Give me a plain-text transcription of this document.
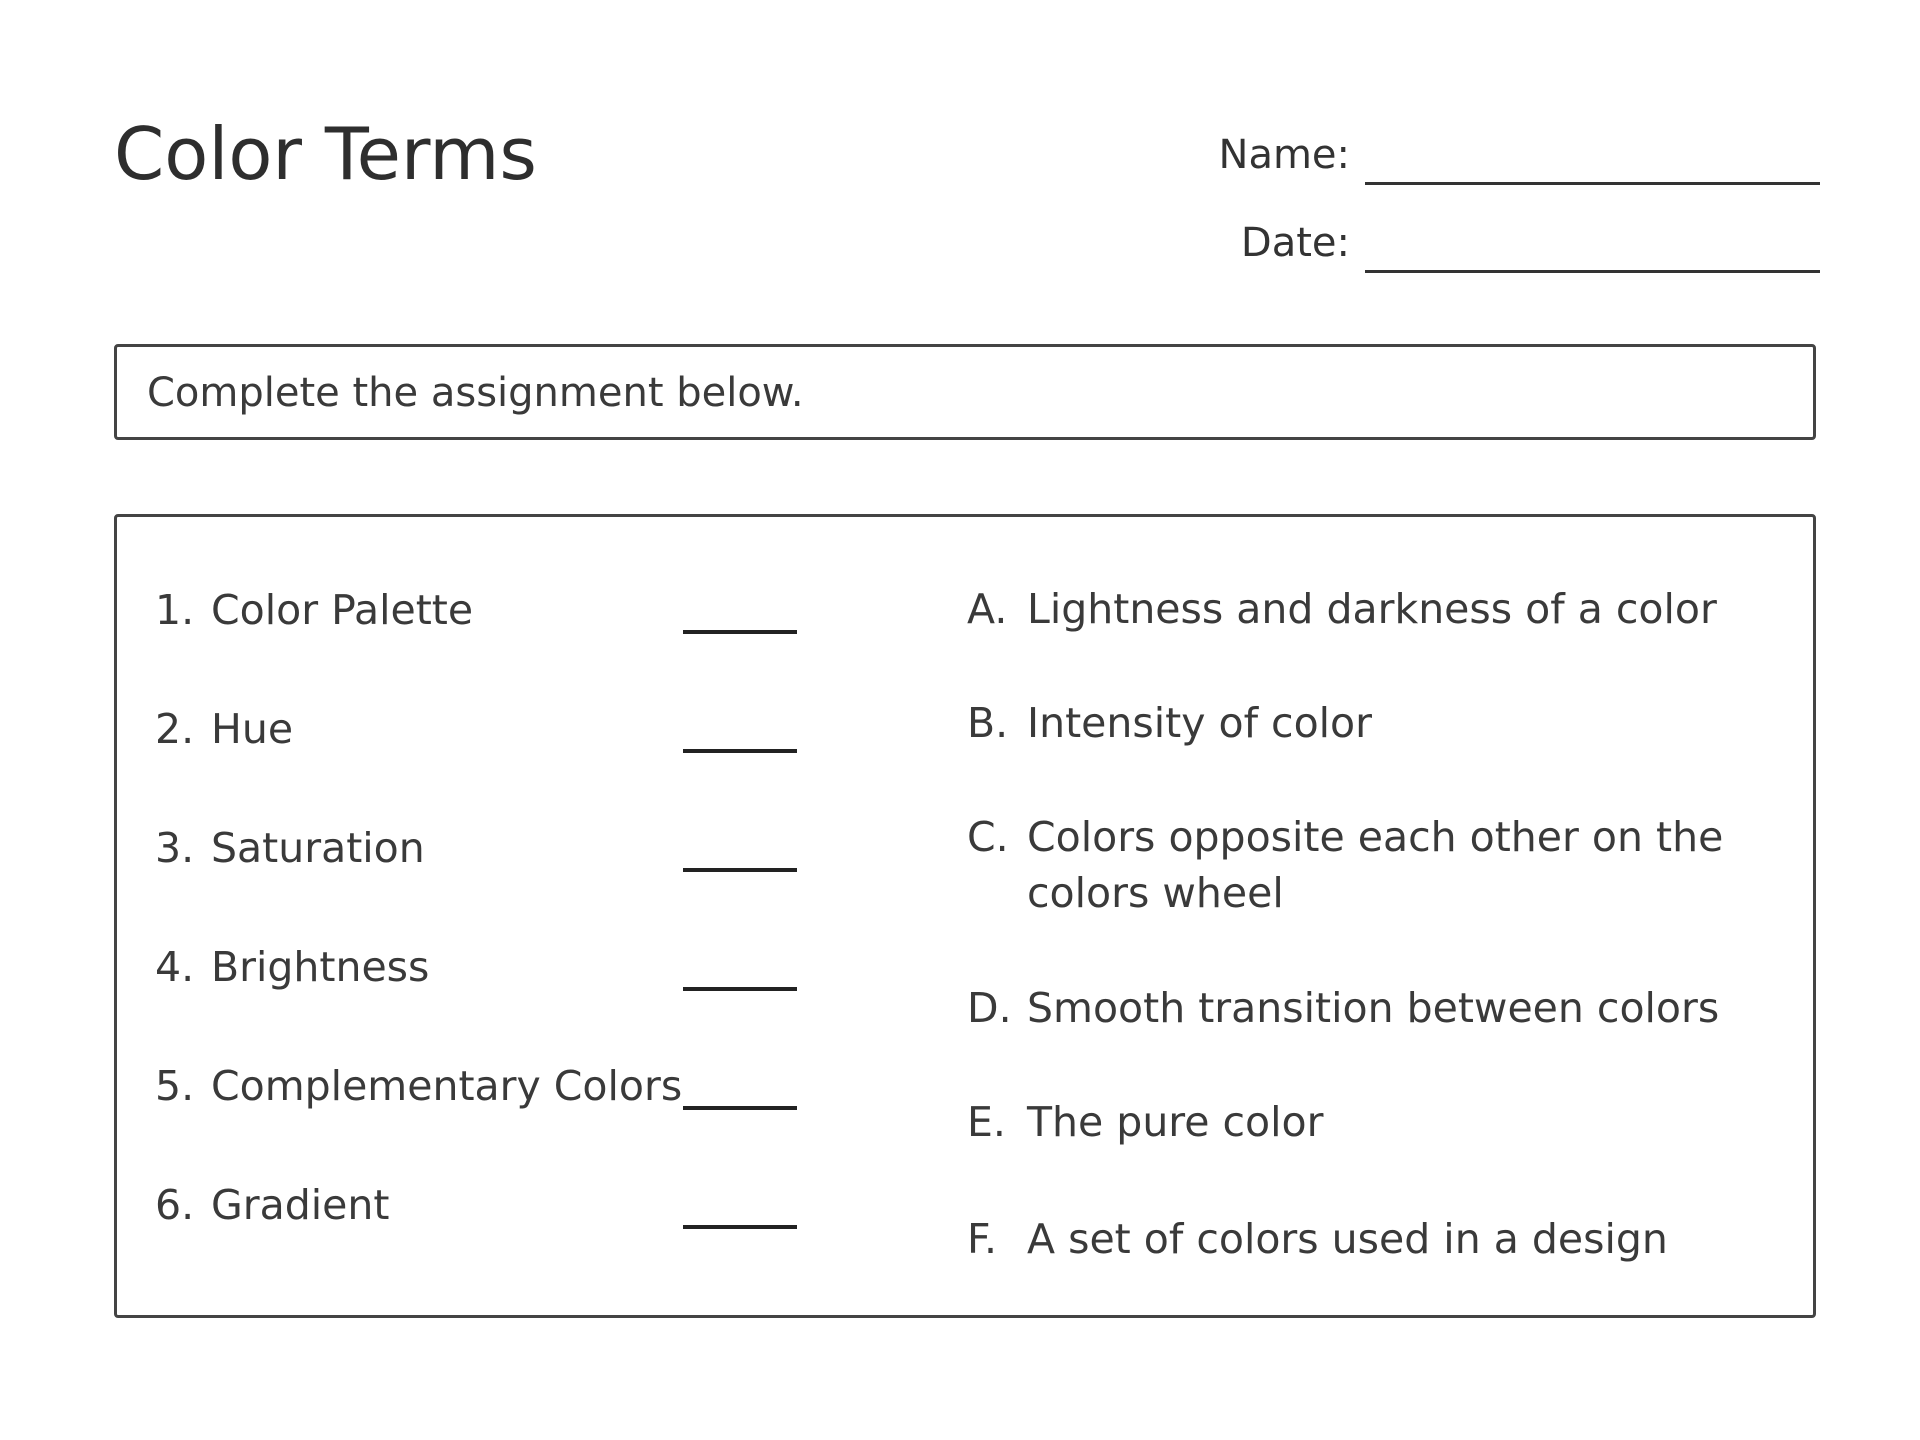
Color Terms	Name:
Date:
Complete the assignment below.
1. Color Palette
2. Hue
3. Saturation
4. Brightness
5. Complementary Colors
6. Gradient
A. Lightness and darkness of a color
B. Intensity of color
C. Colors opposite each other on the colors wheel
D. Smooth transition between colors
E. The pure color
F. A set of colors used in a design
